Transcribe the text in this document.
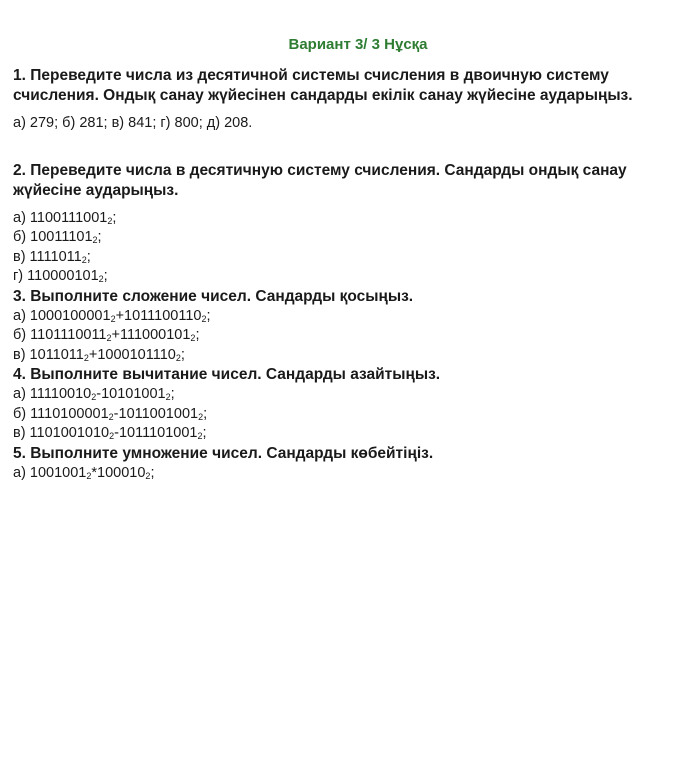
Вариант 3/ 3 Нұсқа

1. Переведите числа из десятичной системы счисления в двоичную систему счисления. Ондық санау жүйесінен сандарды екілік санау жүйесіне аударыңыз.

а) 279; б) 281; в) 841; г) 800; д) 208.

2. Переведите числа в десятичную систему счисления. Сандарды ондық санау жүйесіне аударыңыз.

а) $1100111001_2$;

б) $10011101_2$;

в) $1111011_2$;

г) $110000101_2$;

3. Выполните сложение чисел. Сандарды қосыңыз.

а) $1000100001_2+1011100110_2$;

б) $1101110011_2+111000101_2$;

в) $1011011_2+1000101110_2$;

4. Выполните вычитание чисел. Сандарды азайтыңыз.

а) $11110010_2-10101001_2$;

б) $1110100001_2-1011001001_2$;

в) $1101001010_2-1011101001_2$;

5. Выполните умножение чисел. Сандарды көбейтіңіз.

а) $1001001_2*100010_2$;
